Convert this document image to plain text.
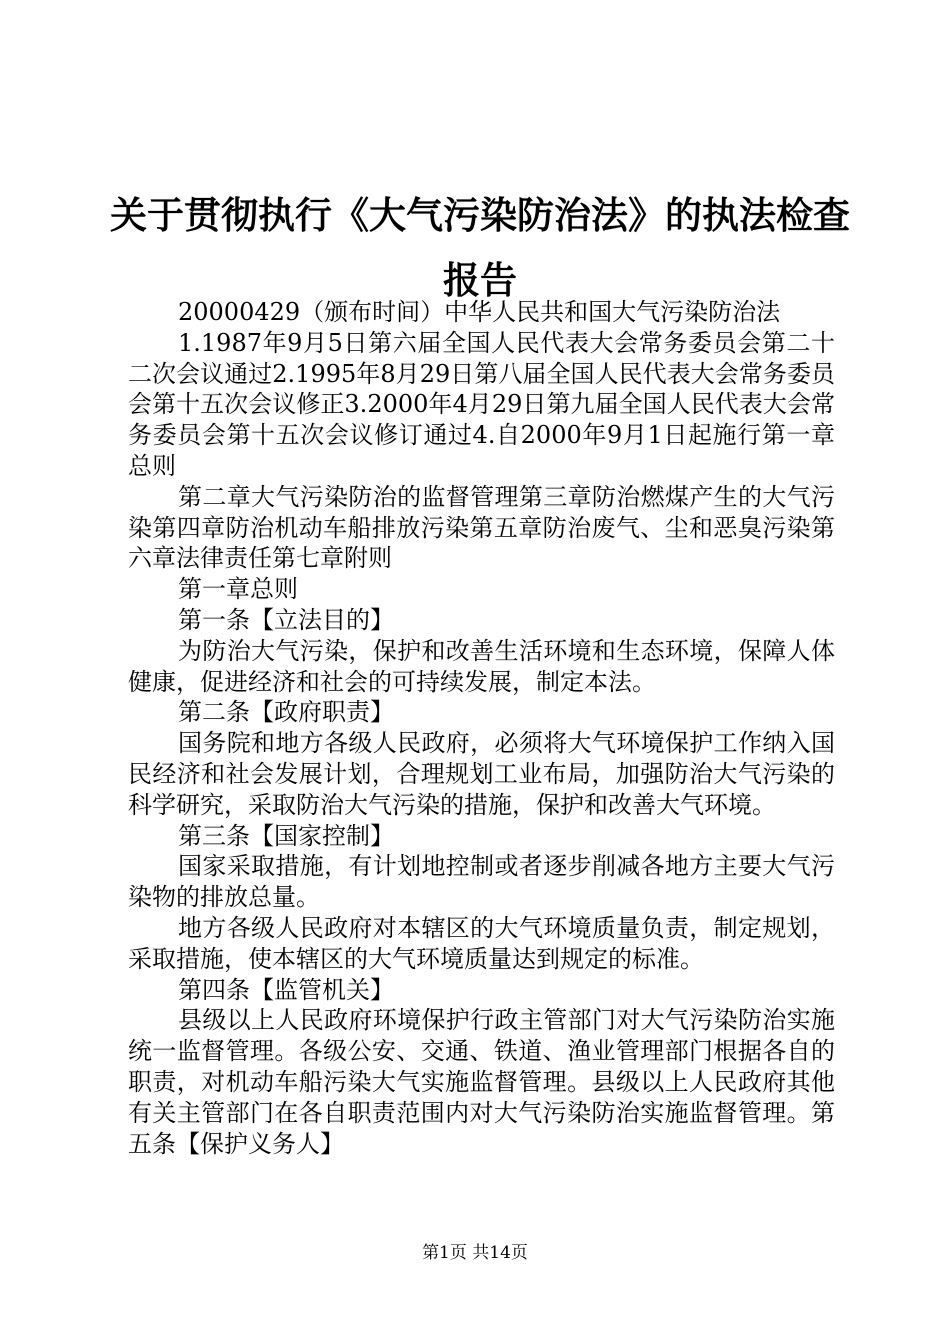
关于贯彻执行《大气污染防治法》的执法检查报告

20000429（颁布时间）中华人民共和国大气污染防治法

1.1987年9月5日第六届全国人民代表大会常务委员会第二十二次会议通过2.1995年8月29日第八届全国人民代表大会常务委员会第十五次会议修正3.2000年4月29日第九届全国人民代表大会常务委员会第十五次会议修订通过4.自2000年9月1日起施行第一章总则

第二章大气污染防治的监督管理第三章防治燃煤产生的大气污染第四章防治机动车船排放污染第五章防治废气、尘和恶臭污染第六章法律责任第七章附则

第一章总则

第一条【立法目的】

为防治大气污染，保护和改善生活环境和生态环境，保障人体健康，促进经济和社会的可持续发展，制定本法。

第二条【政府职责】

国务院和地方各级人民政府，必须将大气环境保护工作纳入国民经济和社会发展计划，合理规划工业布局，加强防治大气污染的科学研究，采取防治大气污染的措施，保护和改善大气环境。

第三条【国家控制】

国家采取措施，有计划地控制或者逐步削减各地方主要大气污染物的排放总量。

地方各级人民政府对本辖区的大气环境质量负责，制定规划，采取措施，使本辖区的大气环境质量达到规定的标准。

第四条【监管机关】

县级以上人民政府环境保护行政主管部门对大气污染防治实施统一监督管理。各级公安、交通、铁道、渔业管理部门根据各自的职责，对机动车船污染大气实施监督管理。县级以上人民政府其他有关主管部门在各自职责范围内对大气污染防治实施监督管理。第五条【保护义务人】

第1页 共14页
